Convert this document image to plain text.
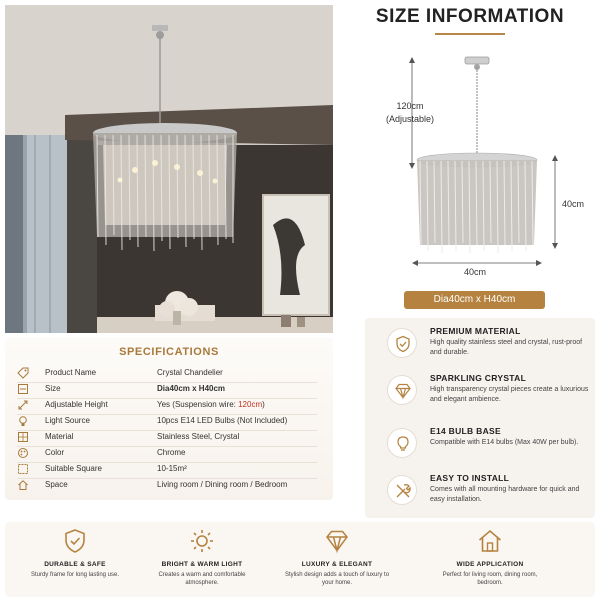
SIZE INFORMATION
120cm
(Adjustable)
40cm
40cm
Dia40cm x H40cm
SPECIFICATIONS
Product Name	Crystal Chandelier
Size	Dia40cm x H40cm
Adjustable Height	Yes (Suspension wire: 120cm)
Light Source	10pcs E14 LED Bulbs (Not Included)
Material	Stainless Steel, Crystal
Color	Chrome
Suitable Square	10-15m²
Space	Living room / Dining room / Bedroom
PREMIUM MATERIAL
High quality stainless steel and crystal, rust-proof and durable.
SPARKLING CRYSTAL
High transparency crystal pieces create a luxurious and elegant ambience.
E14 BULB BASE
Compatible with E14 bulbs (Max 40W per bulb).
EASY TO INSTALL
Comes with all mounting hardware for quick and easy installation.
DURABLE & SAFE
Sturdy frame for long lasting use.
BRIGHT & WARM LIGHT
Creates a warm and comfortable atmosphere.
LUXURY & ELEGANT
Stylish design adds a touch of luxury to your home.
WIDE APPLICATION
Perfect for living room, dining room, bedroom.
